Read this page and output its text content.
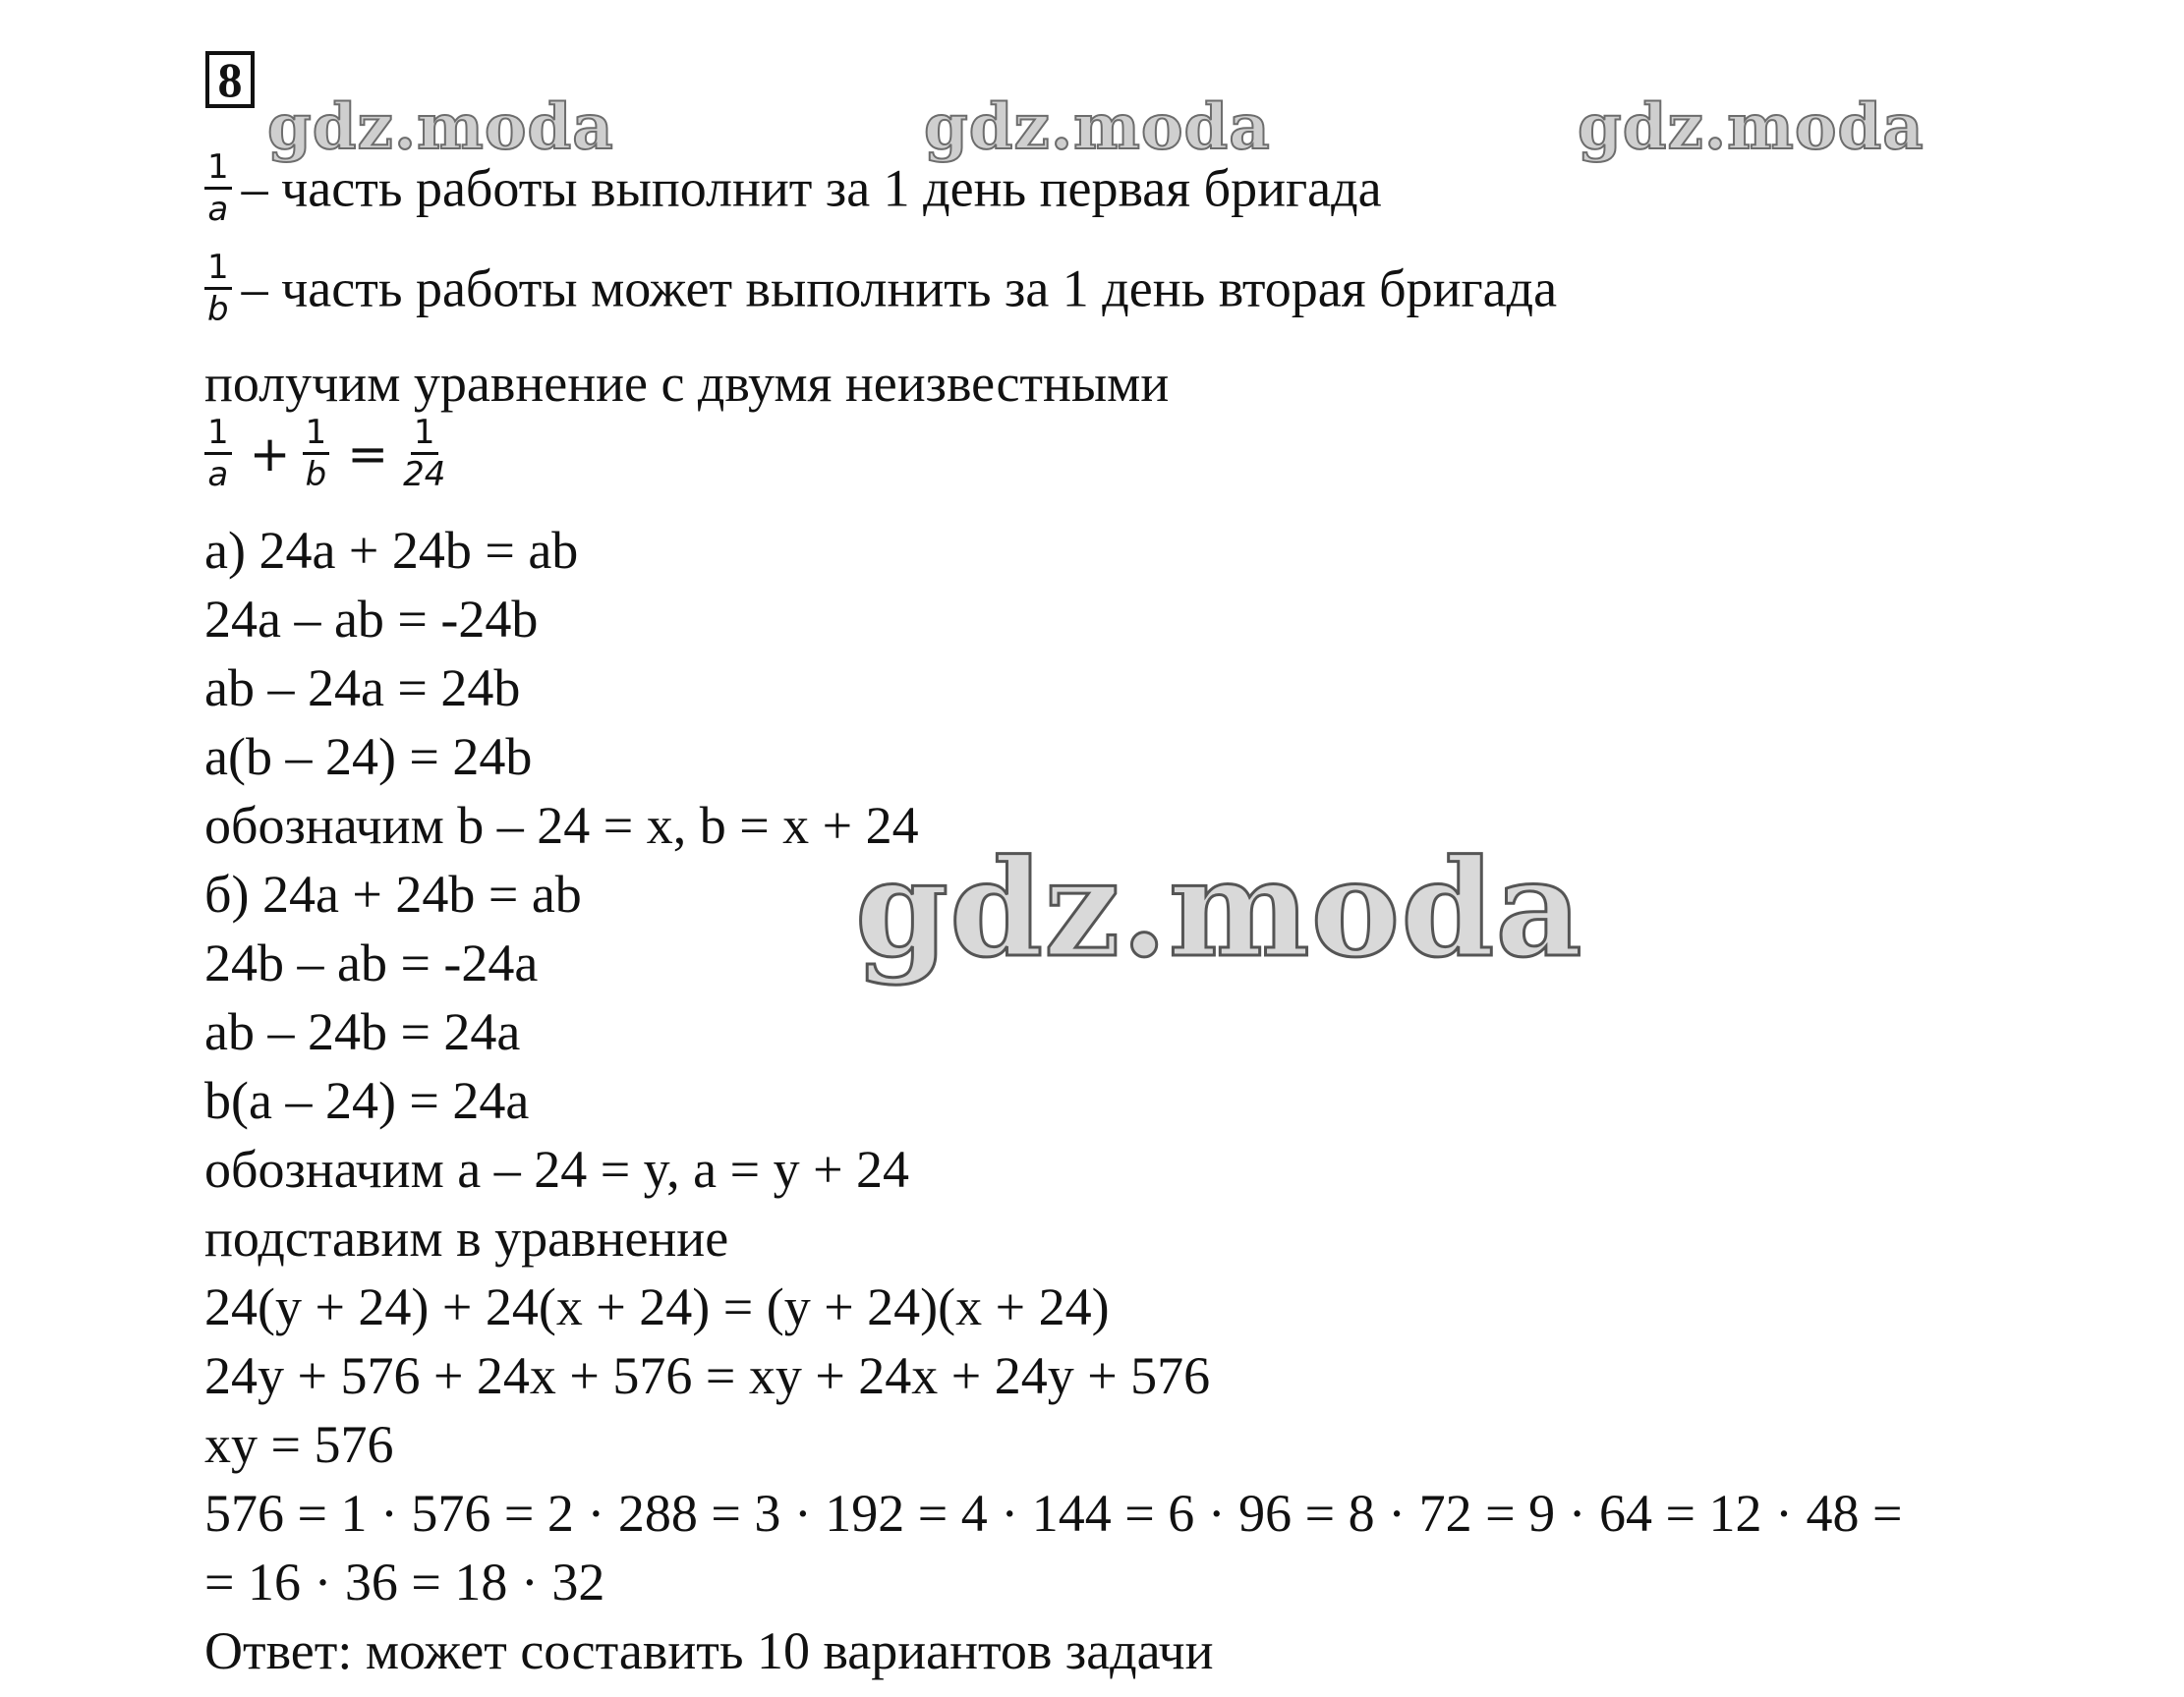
8
gdz.moda	gdz.moda	gdz.moda
$\frac{1}{a}$ – часть работы выполнит за 1 день первая бригада
$\frac{1}{b}$ – часть работы может выполнить за 1 день вторая бригада
получим уравнение с двумя неизвестными
$\frac{1}{a} + \frac{1}{b} = \frac{1}{24}$
а) 24a + 24b = ab
24a – ab = -24b
ab – 24a = 24b
a(b – 24) = 24b
обозначим b – 24 = x, b = x + 24
б) 24a + 24b = ab
24b – ab = -24a
ab – 24b = 24a
b(a – 24) = 24a
обозначим a – 24 = y, a = y + 24
подставим в уравнение
24(y + 24) + 24(x + 24) = (y + 24)(x + 24)
24y + 576 + 24x + 576 = xy + 24x + 24y + 576
xy = 576
576 = 1 · 576 = 2 · 288 = 3 · 192 = 4 · 144 = 6 · 96 = 8 · 72 = 9 · 64 = 12 · 48 =
= 16 · 36 = 18 · 32
Ответ: может составить 10 вариантов задачи
gdz.moda
